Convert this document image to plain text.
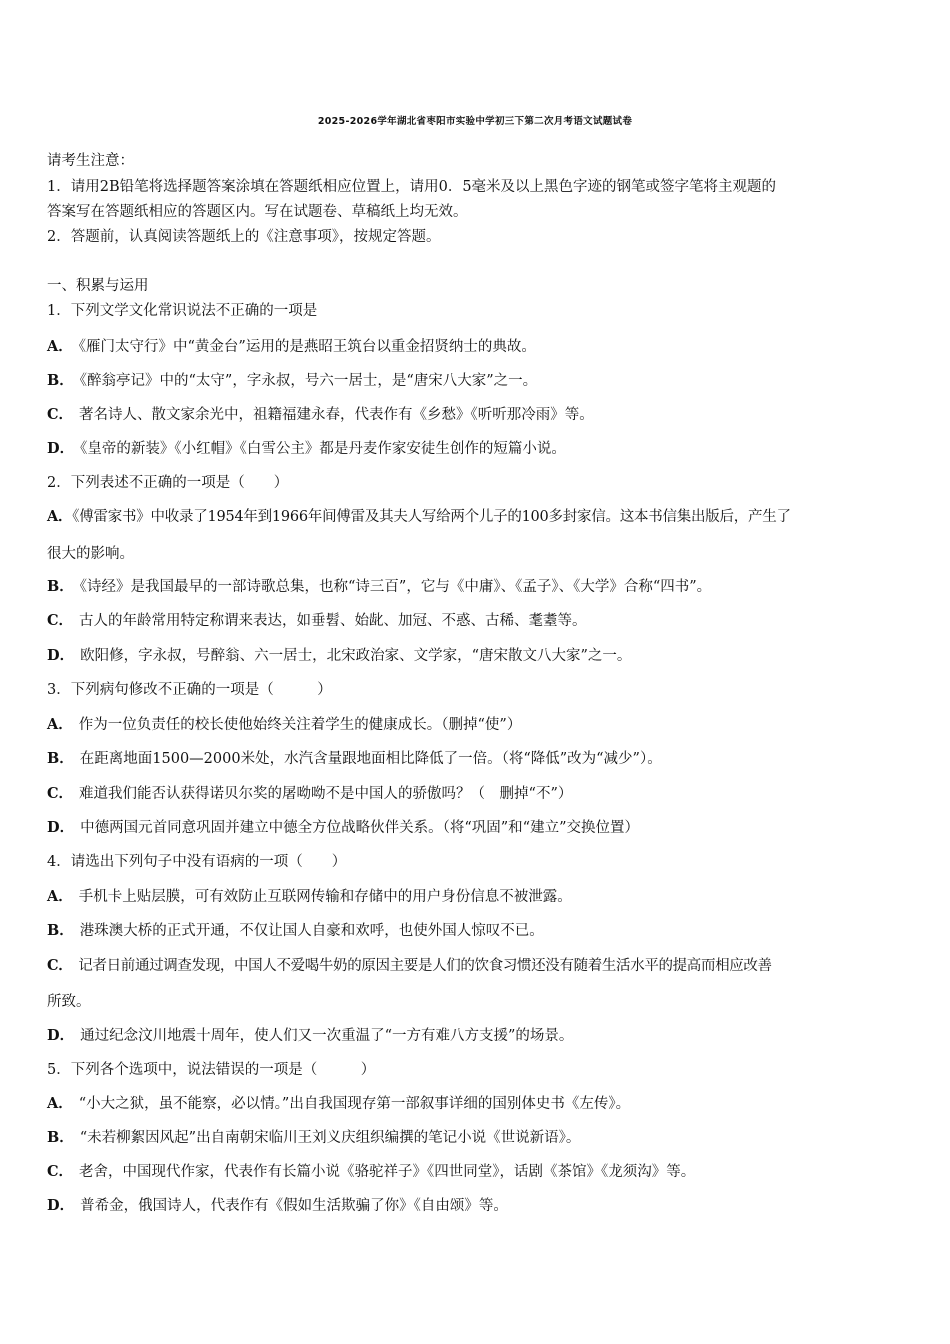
2025-2026学年湖北省枣阳市实验中学初三下第二次月考语文试题试卷
请考生注意：
1．请用2B铅笔将选择题答案涂填在答题纸相应位置上，请用0．5毫米及以上黑色字迹的钢笔或签字笔将主观题的
答案写在答题纸相应的答题区内。写在试题卷、草稿纸上均无效。
2．答题前，认真阅读答题纸上的《注意事项》，按规定答题。
一、积累与运用
1．下列文学文化常识说法不正确的一项是
A． 《雁门太守行》中“黄金台”运用的是燕昭王筑台以重金招贤纳士的典故。
B． 《醉翁亭记》中的“太守”，字永叔，号六一居士，是“唐宋八大家”之一。
C． 著名诗人、散文家余光中，祖籍福建永春，代表作有《乡愁》《听听那冷雨》等。
D． 《皇帝的新装》《小红帽》《白雪公主》都是丹麦作家安徒生创作的短篇小说。
2．下列表述不正确的一项是（　　）
A．《傅雷家书》中收录了1954年到1966年间傅雷及其夫人写给两个儿子的100多封家信。这本书信集出版后，产生了
很大的影响。
B． 《诗经》是我国最早的一部诗歌总集，也称“诗三百”，它与《中庸》、《孟子》、《大学》合称“四书”。
C． 古人的年龄常用特定称谓来表达，如垂髫、始龀、加冠、不惑、古稀、耄耋等。
D． 欧阳修，字永叔，号醉翁、六一居士，北宋政治家、文学家，“唐宋散文八大家”之一。
3．下列病句修改不正确的一项是（　　　）
A． 作为一位负责任的校长使他始终关注着学生的健康成长。（删掉“使”）
B． 在距离地面1500—2000米处，水汽含量跟地面相比降低了一倍。（将“降低”改为“减少”）。
C． 难道我们能否认获得诺贝尔奖的屠呦呦不是中国人的骄傲吗？（　删掉“不”）
D． 中德两国元首同意巩固并建立中德全方位战略伙伴关系。（将“巩固”和“建立”交换位置）
4．请选出下列句子中没有语病的一项（　　）
A． 手机卡上贴层膜，可有效防止互联网传输和存储中的用户身份信息不被泄露。
B． 港珠澳大桥的正式开通，不仅让国人自豪和欢呼，也使外国人惊叹不已。
C． 记者日前通过调查发现，中国人不爱喝牛奶的原因主要是人们的饮食习惯还没有随着生活水平的提高而相应改善
所致。
D． 通过纪念汶川地震十周年，使人们又一次重温了“一方有难八方支援”的场景。
5．下列各个选项中，说法错误的一项是（　　　）
A． “小大之狱，虽不能察，必以情。”出自我国现存第一部叙事详细的国别体史书《左传》。
B． “未若柳絮因风起”出自南朝宋临川王刘义庆组织编撰的笔记小说《世说新语》。
C． 老舍，中国现代作家，代表作有长篇小说《骆驼祥子》《四世同堂》，话剧《茶馆》《龙须沟》等。
D． 普希金，俄国诗人，代表作有《假如生活欺骗了你》《自由颂》等。
